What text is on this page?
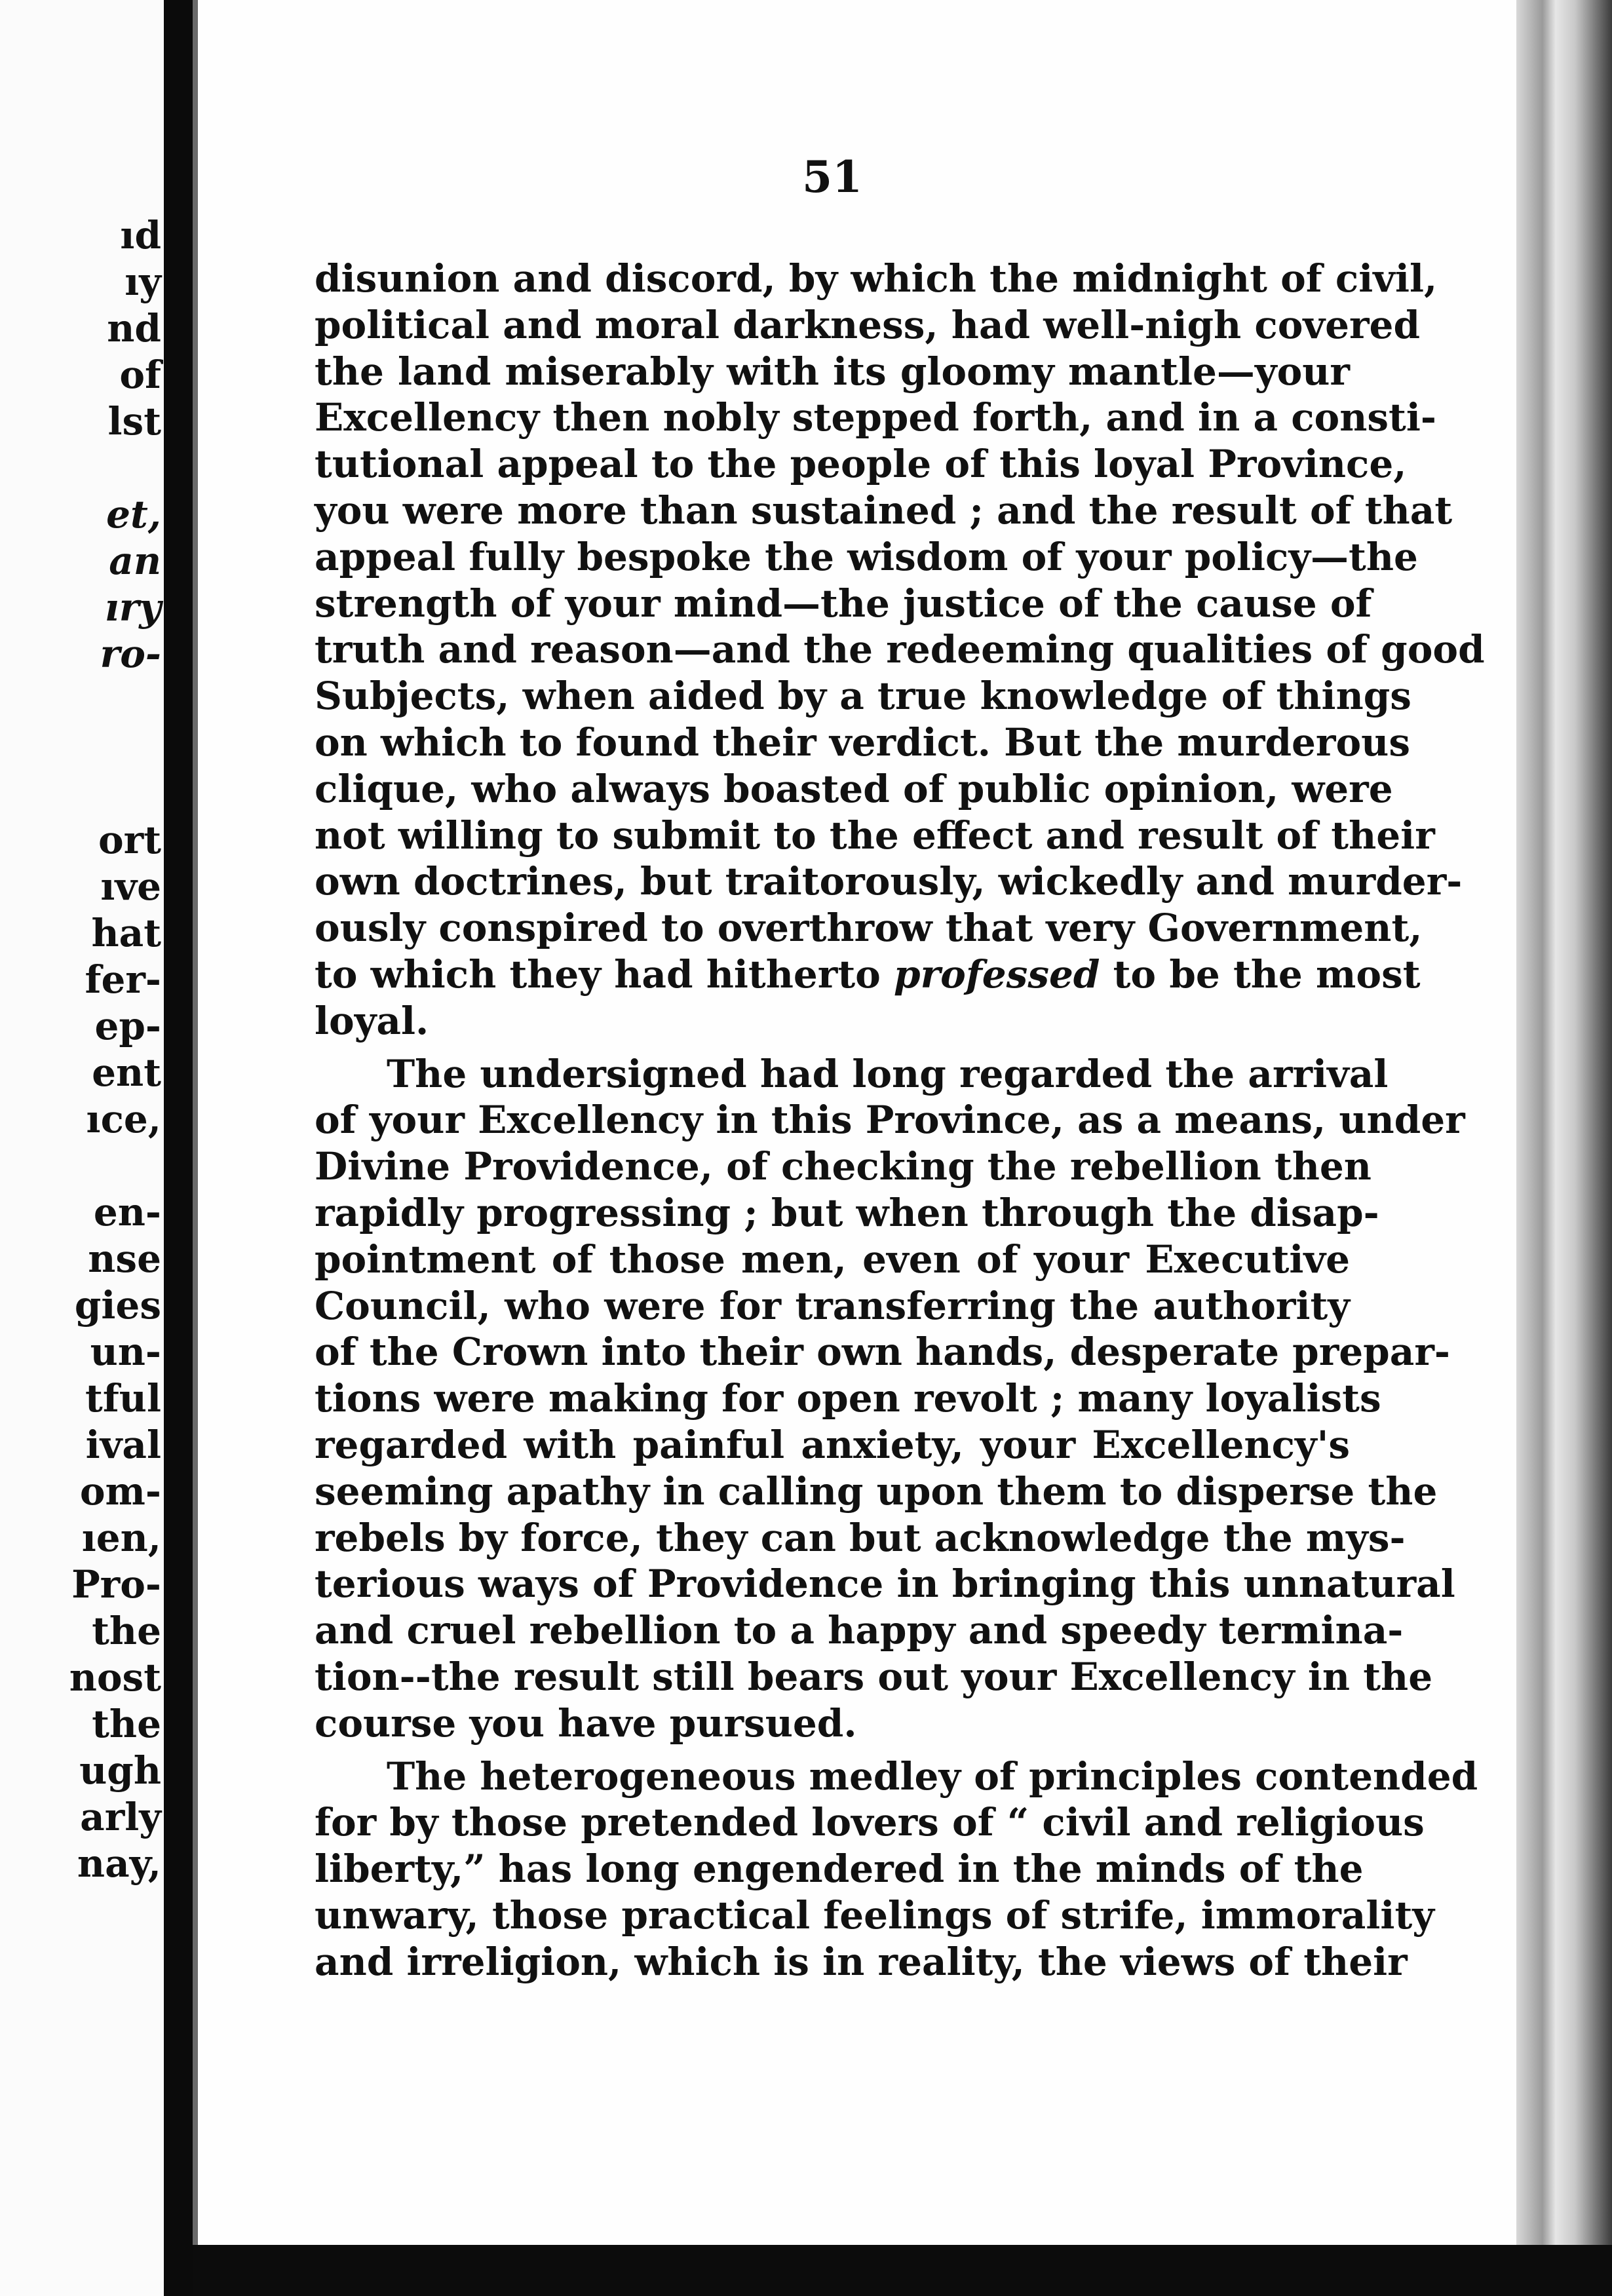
ıd
ıy
nd
of
lst
et,
an
ıry
ro-
ort
ıve
hat
fer-
ep-
ent
ıce,
en-
nse
gies
un-
tful
ival
om-
ıen,
Pro-
the
nost
the
ugh
arly
nay,
51
disunion and discord, by which the midnight of civil,
political and moral darkness, had well-nigh covered
the land miserably with its gloomy mantle—your
Excellency then nobly stepped forth, and in a consti-
tutional appeal to the people of this loyal Province,
you were more than sustained ; and the result of that
appeal fully bespoke the wisdom of your policy—the
strength of your mind—the justice of the cause of
truth and reason—and the redeeming qualities of good
Subjects, when aided by a true knowledge of things
on which to found their verdict. But the murderous
clique, who always boasted of public opinion, were
not willing to submit to the effect and result of their
own doctrines, but traitorously, wickedly and murder-
ously conspired to overthrow that very Government,
to which they had hitherto professed to be the most
loyal.
The undersigned had long regarded the arrival
of your Excellency in this Province, as a means, under
Divine Providence, of checking the rebellion then
rapidly progressing ; but when through the disap-
pointment of those men, even of your Executive
Council, who were for transferring the authority
of the Crown into their own hands, desperate prepar-
tions were making for open revolt ; many loyalists
regarded with painful anxiety, your Excellency's
seeming apathy in calling upon them to disperse the
rebels by force, they can but acknowledge the mys-
terious ways of Providence in bringing this unnatural
and cruel rebellion to a happy and speedy termina-
tion--the result still bears out your Excellency in the
course you have pursued.
The heterogeneous medley of principles contended
for by those pretended lovers of “ civil and religious
liberty,” has long engendered in the minds of the
unwary, those practical feelings of strife, immorality
and irreligion, which is in reality, the views of their
